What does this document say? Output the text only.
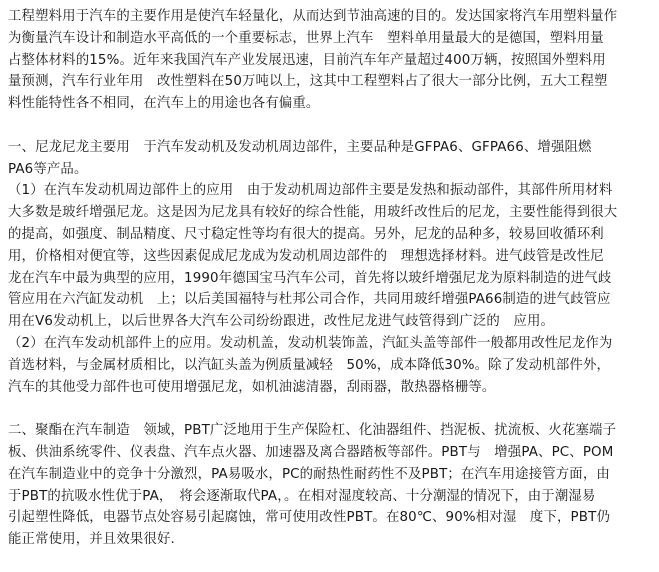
工程塑料用于汽车的主要作用是使汽车轻量化，从而达到节油高速的目的。发达国家将汽车用塑料量作
为衡量汽车设计和制造水平高低的一个重要标志，世界上汽车　塑料单用量最大的是德国，塑料用量
占整体材料的15%。近年来我国汽车产业发展迅速，目前汽车年产量超过400万辆，按照国外塑料用
量预测，汽车行业年用　改性塑料在50万吨以上，这其中工程塑料占了很大一部分比例，五大工程塑
料性能特性各不相同，在汽车上的用途也各有偏重。
一、尼龙尼龙主要用　于汽车发动机及发动机周边部件，主要品种是GFPA6、GFPA66、增强阻燃
PA6等产品。
（1）在汽车发动机周边部件上的应用　由于发动机周边部件主要是发热和振动部件，其部件所用材料
大多数是玻纤增强尼龙。这是因为尼龙具有较好的综合性能，用玻纤改性后的尼龙，主要性能得到很大
的提高，如强度、制品精度、尺寸稳定性等均有很大的提高。另外，尼龙的品种多，较易回收循环利
用，价格相对便宜等，这些因素促成尼龙成为发动机周边部件的　理想选择材料。进气歧管是改性尼
龙在汽车中最为典型的应用，1990年德国宝马汽车公司，首先将以玻纤增强尼龙为原料制造的进气歧
管应用在六汽缸发动机　上；以后美国福特与杜邦公司合作，共同用玻纤增强PA66制造的进气歧管应
用在V6发动机上，以后世界各大汽车公司纷纷跟进，改性尼龙进气歧管得到广泛的　应用。
（2）在汽车发动机部件上的应用。发动机盖，发动机装饰盖，汽缸头盖等部件一般都用改性尼龙作为
首选材料，与金属材质相比，以汽缸头盖为例质量减轻　50%，成本降低30%。除了发动机部件外，
汽车的其他受力部件也可使用增强尼龙，如机油滤清器，刮雨器，散热器格栅等。
二、聚酯在汽车制造　领域，PBT广泛地用于生产保险杠、化油器组件、挡泥板、扰流板、火花塞端子
板、供油系统零件、仪表盘、汽车点火器、加速器及离合器踏板等部件。PBT与　增强PA、PC、POM
在汽车制造业中的竞争十分激烈，PA易吸水，PC的耐热性耐药性不及PBT；在汽车用途接管方面，由
于PBT的抗吸水性优于PA，　将会逐渐取代PA，。在相对湿度较高、十分潮湿的情况下，由于潮湿易
引起塑性降低，电器节点处容易引起腐蚀，常可使用改性PBT。在80℃、90%相对湿　度下，PBT仍
能正常使用，并且效果很好.
